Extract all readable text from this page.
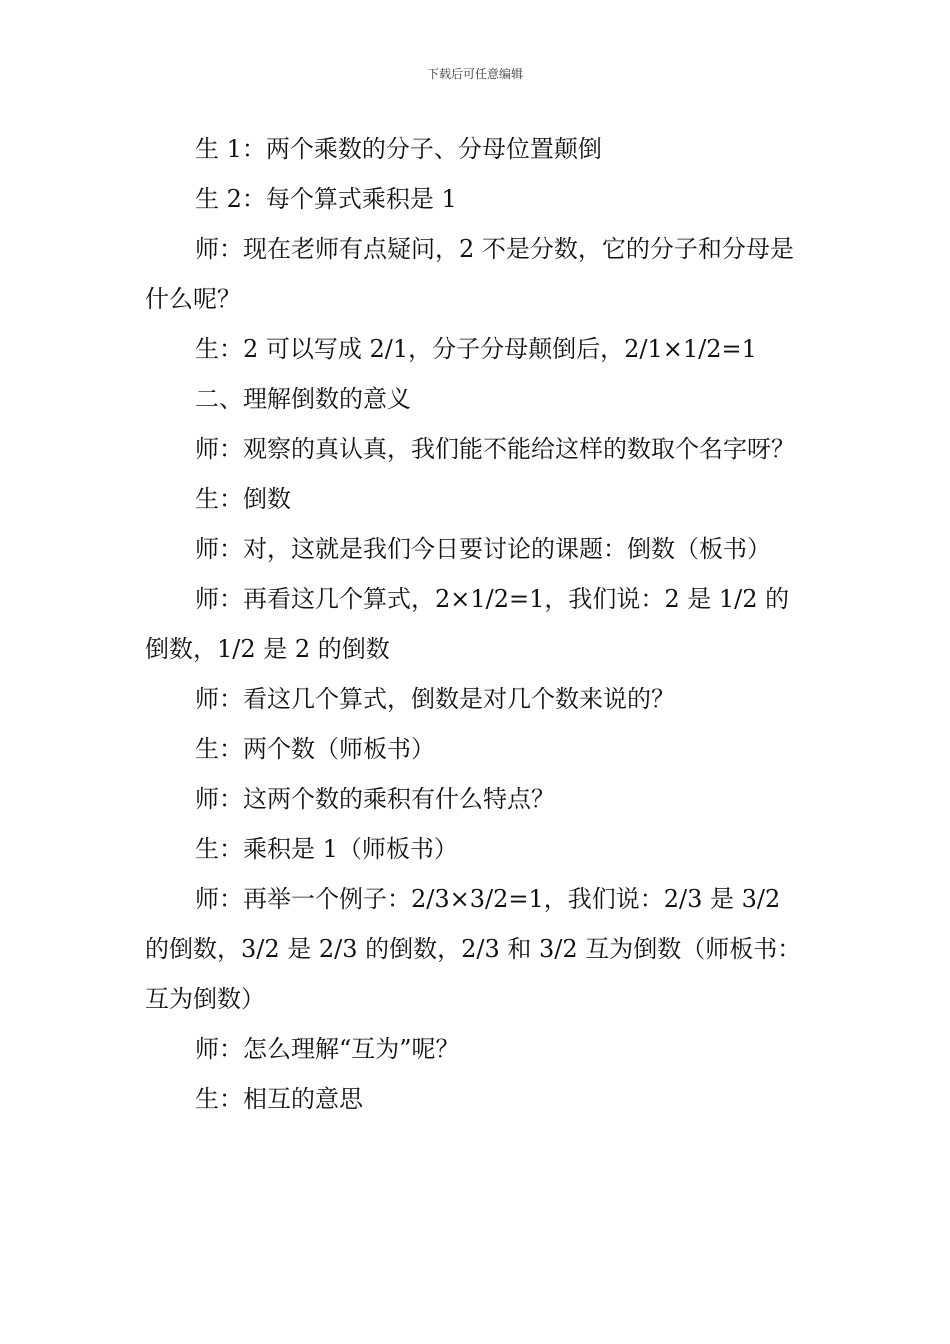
下载后可任意编辑

生 1：两个乘数的分子、分母位置颠倒

生 2：每个算式乘积是 1

师：现在老师有点疑问，2 不是分数，它的分子和分母是什么呢？

生：2 可以写成 2/1，分子分母颠倒后，2/1×1/2=1

二、理解倒数的意义

师：观察的真认真，我们能不能给这样的数取个名字呀？

生：倒数

师：对，这就是我们今日要讨论的课题：倒数（板书）

师：再看这几个算式，2×1/2=1，我们说：2 是 1/2 的倒数，1/2 是 2 的倒数

师：看这几个算式，倒数是对几个数来说的？

生：两个数（师板书）

师：这两个数的乘积有什么特点？

生：乘积是 1（师板书）

师：再举一个例子：2/3×3/2=1，我们说：2/3 是 3/2 的倒数，3/2 是 2/3 的倒数，2/3 和 3/2 互为倒数（师板书：互为倒数）

师：怎么理解“互为”呢？

生：相互的意思
